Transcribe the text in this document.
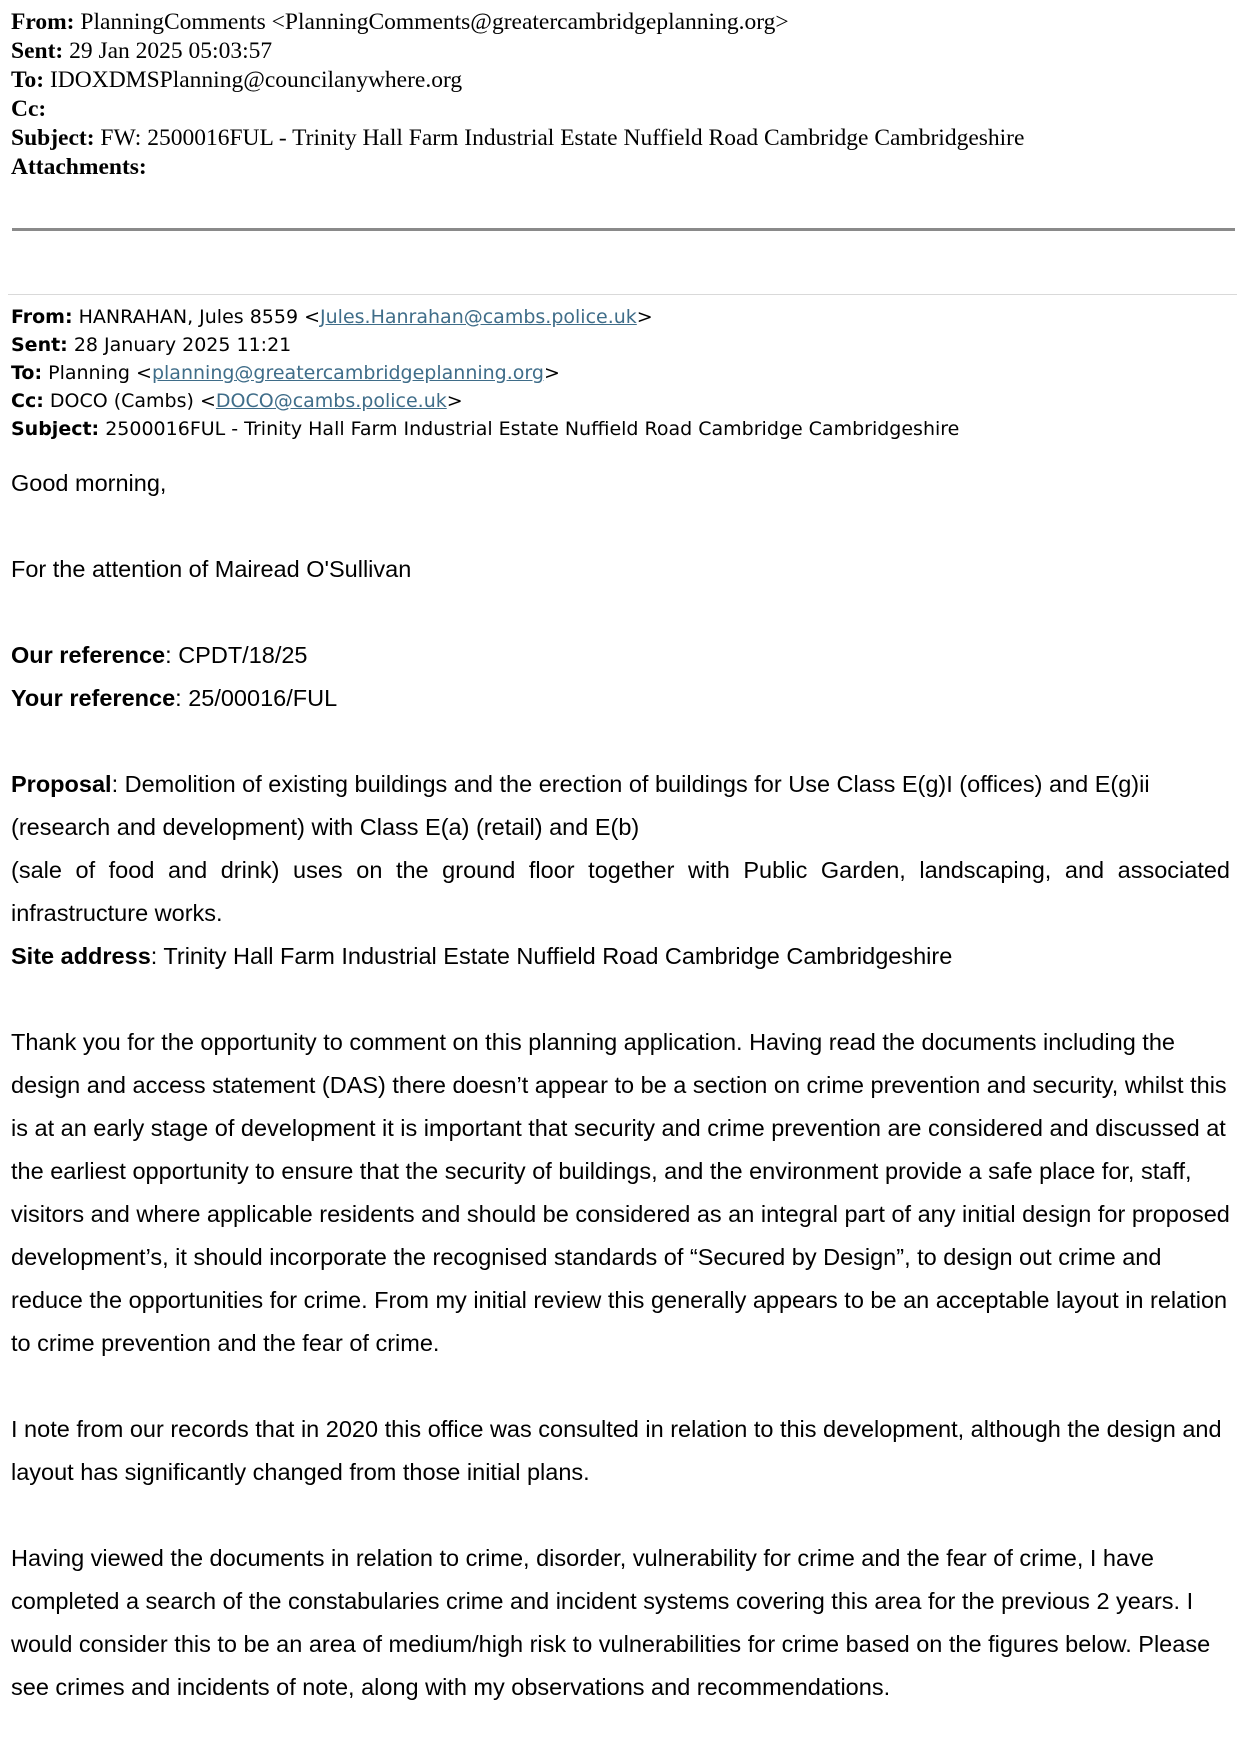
From: PlanningComments <PlanningComments@greatercambridgeplanning.org>
Sent: 29 Jan 2025 05:03:57
To: IDOXDMSPlanning@councilanywhere.org
Cc:
Subject: FW: 2500016FUL - Trinity Hall Farm Industrial Estate Nuffield Road Cambridge Cambridgeshire
Attachments:
From: HANRAHAN, Jules 8559 <Jules.Hanrahan@cambs.police.uk>
Sent: 28 January 2025 11:21
To: Planning <planning@greatercambridgeplanning.org>
Cc: DOCO (Cambs) <DOCO@cambs.police.uk>
Subject: 2500016FUL - Trinity Hall Farm Industrial Estate Nuffield Road Cambridge Cambridgeshire

Good morning,

For the attention of Mairead O'Sullivan

Our reference: CPDT/18/25

Your reference: 25/00016/FUL

Proposal: Demolition of existing buildings and the erection of buildings for Use Class E(g)I (offices) and E(g)ii (research and development) with Class E(a) (retail) and E(b)

(sale of food and drink) uses on the ground floor together with Public Garden, landscaping, and associated infrastructure works.

Site address: Trinity Hall Farm Industrial Estate Nuffield Road Cambridge Cambridgeshire

Thank you for the opportunity to comment on this planning application. Having read the documents including the design and access statement (DAS) there doesn’t appear to be a section on crime prevention and security, whilst this is at an early stage of development it is important that security and crime prevention are considered and discussed at the earliest opportunity to ensure that the security of buildings, and the environment provide a safe place for, staff, visitors and where applicable residents and should be considered as an integral part of any initial design for proposed development’s, it should incorporate the recognised standards of “Secured by Design”, to design out crime and reduce the opportunities for crime. From my initial review this generally appears to be an acceptable layout in relation to crime prevention and the fear of crime.

I note from our records that in 2020 this office was consulted in relation to this development, although the design and layout has significantly changed from those initial plans.

Having viewed the documents in relation to crime, disorder, vulnerability for crime and the fear of crime, I have completed a search of the constabularies crime and incident systems covering this area for the previous 2 years. I would consider this to be an area of medium/high risk to vulnerabilities for crime based on the figures below. Please see crimes and incidents of note, along with my observations and recommendations.
